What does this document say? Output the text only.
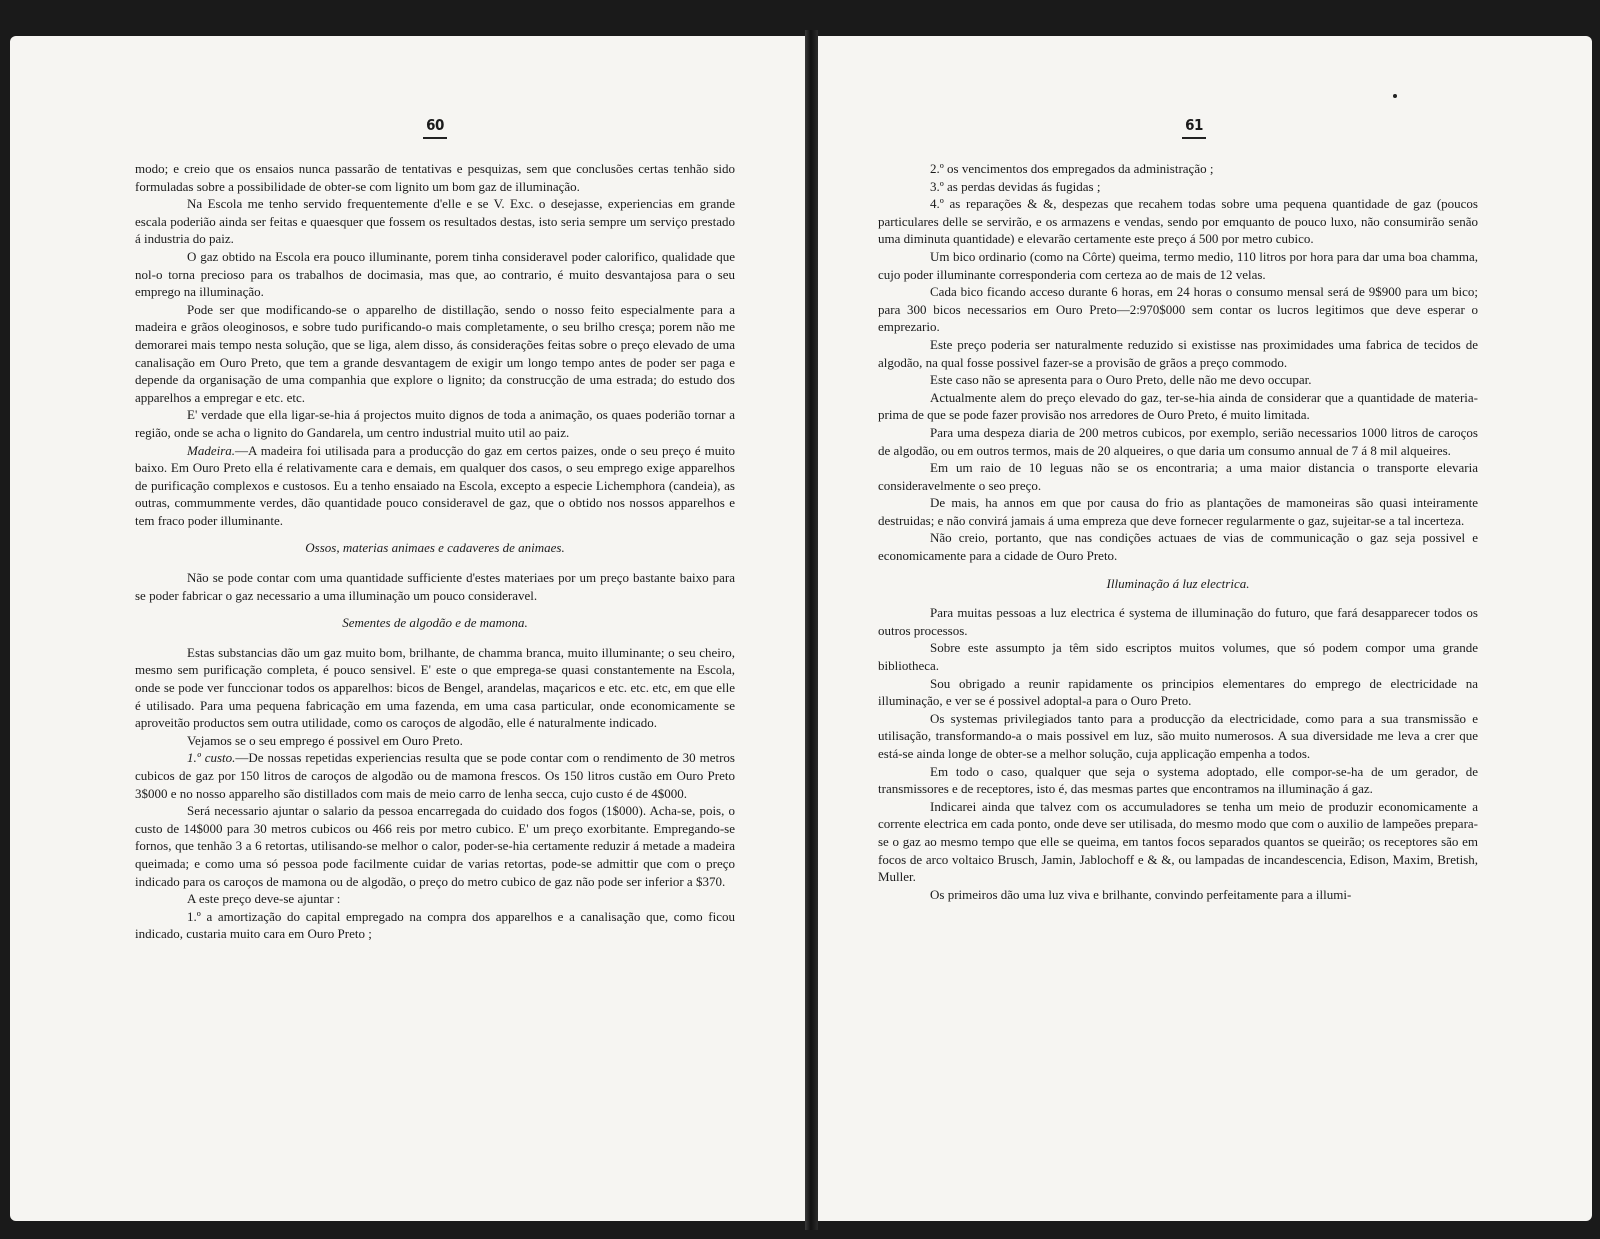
60

modo; e creio que os ensaios nunca passarão de tentativas e pesquizas, sem que conclusões certas tenhão sido formuladas sobre a possibilidade de obter-se com lignito um bom gaz de illuminação.

Na Escola me tenho servido frequentemente d'elle e se V. Exc. o desejasse, experiencias em grande escala poderião ainda ser feitas e quaesquer que fossem os resultados destas, isto seria sempre um serviço prestado á industria do paiz.

O gaz obtido na Escola era pouco illuminante, porem tinha consideravel poder calorifico, qualidade que nol-o torna precioso para os trabalhos de docimasia, mas que, ao contrario, é muito desvantajosa para o seu emprego na illuminação.

Pode ser que modificando-se o apparelho de distillação, sendo o nosso feito especialmente para a madeira e grãos oleoginosos, e sobre tudo purificando-o mais completamente, o seu brilho cresça; porem não me demorarei mais tempo nesta solução, que se liga, alem disso, ás considerações feitas sobre o preço elevado de uma canalisação em Ouro Preto, que tem a grande desvantagem de exigir um longo tempo antes de poder ser paga e depende da organisação de uma companhia que explore o lignito; da construcção de uma estrada; do estudo dos apparelhos a empregar e etc. etc.

E' verdade que ella ligar-se-hia á projectos muito dignos de toda a animação, os quaes poderião tornar a região, onde se acha o lignito do Gandarela, um centro industrial muito util ao paiz.

Madeira.—A madeira foi utilisada para a producção do gaz em certos paizes, onde o seu preço é muito baixo. Em Ouro Preto ella é relativamente cara e demais, em qualquer dos casos, o seu emprego exige apparelhos de purificação complexos e custosos. Eu a tenho ensaiado na Escola, excepto a especie Lichemphora (candeia), as outras, commummente verdes, dão quantidade pouco consideravel de gaz, que o obtido nos nossos apparelhos e tem fraco poder illuminante.

Ossos, materias animaes e cadaveres de animaes.

Não se pode contar com uma quantidade sufficiente d'estes materiaes por um preço bastante baixo para se poder fabricar o gaz necessario a uma illuminação um pouco consideravel.

Sementes de algodão e de mamona.

Estas substancias dão um gaz muito bom, brilhante, de chamma branca, muito illuminante; o seu cheiro, mesmo sem purificação completa, é pouco sensivel. E' este o que emprega-se quasi constantemente na Escola, onde se pode ver funccionar todos os apparelhos: bicos de Bengel, arandelas, maçaricos e etc. etc. etc, em que elle é utilisado. Para uma pequena fabricação em uma fazenda, em uma casa particular, onde economicamente se aproveitão productos sem outra utilidade, como os caroços de algodão, elle é naturalmente indicado.

Vejamos se o seu emprego é possivel em Ouro Preto.

1.º custo.—De nossas repetidas experiencias resulta que se pode contar com o rendimento de 30 metros cubicos de gaz por 150 litros de caroços de algodão ou de mamona frescos. Os 150 litros custão em Ouro Preto 3$000 e no nosso apparelho são distillados com mais de meio carro de lenha secca, cujo custo é de 4$000.

Será necessario ajuntar o salario da pessoa encarregada do cuidado dos fogos (1$000). Acha-se, pois, o custo de 14$000 para 30 metros cubicos ou 466 reis por metro cubico. E' um preço exorbitante. Empregando-se fornos, que tenhão 3 a 6 retortas, utilisando-se melhor o calor, poder-se-hia certamente reduzir á metade a madeira queimada; e como uma só pessoa pode facilmente cuidar de varias retortas, pode-se admittir que com o preço indicado para os caroços de mamona ou de algodão, o preço do metro cubico de gaz não pode ser inferior a $370.

A este preço deve-se ajuntar :

1.º a amortização do capital empregado na compra dos apparelhos e a canalisação que, como ficou indicado, custaria muito cara em Ouro Preto ;

61

2.º os vencimentos dos empregados da administração ;

3.º as perdas devidas ás fugidas ;

4.º as reparações & &, despezas que recahem todas sobre uma pequena quantidade de gaz (poucos particulares delle se servirão, e os armazens e vendas, sendo por emquanto de pouco luxo, não consumirão senão uma diminuta quantidade) e elevarão certamente este preço á 500 por metro cubico.

Um bico ordinario (como na Côrte) queima, termo medio, 110 litros por hora para dar uma boa chamma, cujo poder illuminante corresponderia com certeza ao de mais de 12 velas.

Cada bico ficando acceso durante 6 horas, em 24 horas o consumo mensal será de 9$900 para um bico; para 300 bicos necessarios em Ouro Preto—2:970$000 sem contar os lucros legitimos que deve esperar o emprezario.

Este preço poderia ser naturalmente reduzido si existisse nas proximidades uma fabrica de tecidos de algodão, na qual fosse possivel fazer-se a provisão de grãos a preço commodo.

Este caso não se apresenta para o Ouro Preto, delle não me devo occupar.

Actualmente alem do preço elevado do gaz, ter-se-hia ainda de considerar que a quantidade de materia-prima de que se pode fazer provisão nos arredores de Ouro Preto, é muito limitada.

Para uma despeza diaria de 200 metros cubicos, por exemplo, serião necessarios 1000 litros de caroços de algodão, ou em outros termos, mais de 20 alqueires, o que daria um consumo annual de 7 á 8 mil alqueires.

Em um raio de 10 leguas não se os encontraria; a uma maior distancia o transporte elevaria consideravelmente o seo preço.

De mais, ha annos em que por causa do frio as plantações de mamoneiras são quasi inteiramente destruidas; e não convirá jamais á uma empreza que deve fornecer regularmente o gaz, sujeitar-se a tal incerteza.

Não creio, portanto, que nas condições actuaes de vias de communicação o gaz seja possivel e economicamente para a cidade de Ouro Preto.

Illuminação á luz electrica.

Para muitas pessoas a luz electrica é systema de illuminação do futuro, que fará desapparecer todos os outros processos.

Sobre este assumpto ja têm sido escriptos muitos volumes, que só podem compor uma grande bibliotheca.

Sou obrigado a reunir rapidamente os principios elementares do emprego de electricidade na illuminação, e ver se é possivel adoptal-a para o Ouro Preto.

Os systemas privilegiados tanto para a producção da electricidade, como para a sua transmissão e utilisação, transformando-a o mais possivel em luz, são muito numerosos. A sua diversidade me leva a crer que está-se ainda longe de obter-se a melhor solução, cuja applicação empenha a todos.

Em todo o caso, qualquer que seja o systema adoptado, elle compor-se-ha de um gerador, de transmissores e de receptores, isto é, das mesmas partes que encontramos na illuminação á gaz.

Indicarei ainda que talvez com os accumuladores se tenha um meio de produzir economicamente a corrente electrica em cada ponto, onde deve ser utilisada, do mesmo modo que com o auxilio de lampeões prepara-se o gaz ao mesmo tempo que elle se queima, em tantos focos separados quantos se queirão; os receptores são em focos de arco voltaico Brusch, Jamin, Jablochoff e & &, ou lampadas de incandescencia, Edison, Maxim, Bretish, Muller.

Os primeiros dão uma luz viva e brilhante, convindo perfeitamente para a illumi-
